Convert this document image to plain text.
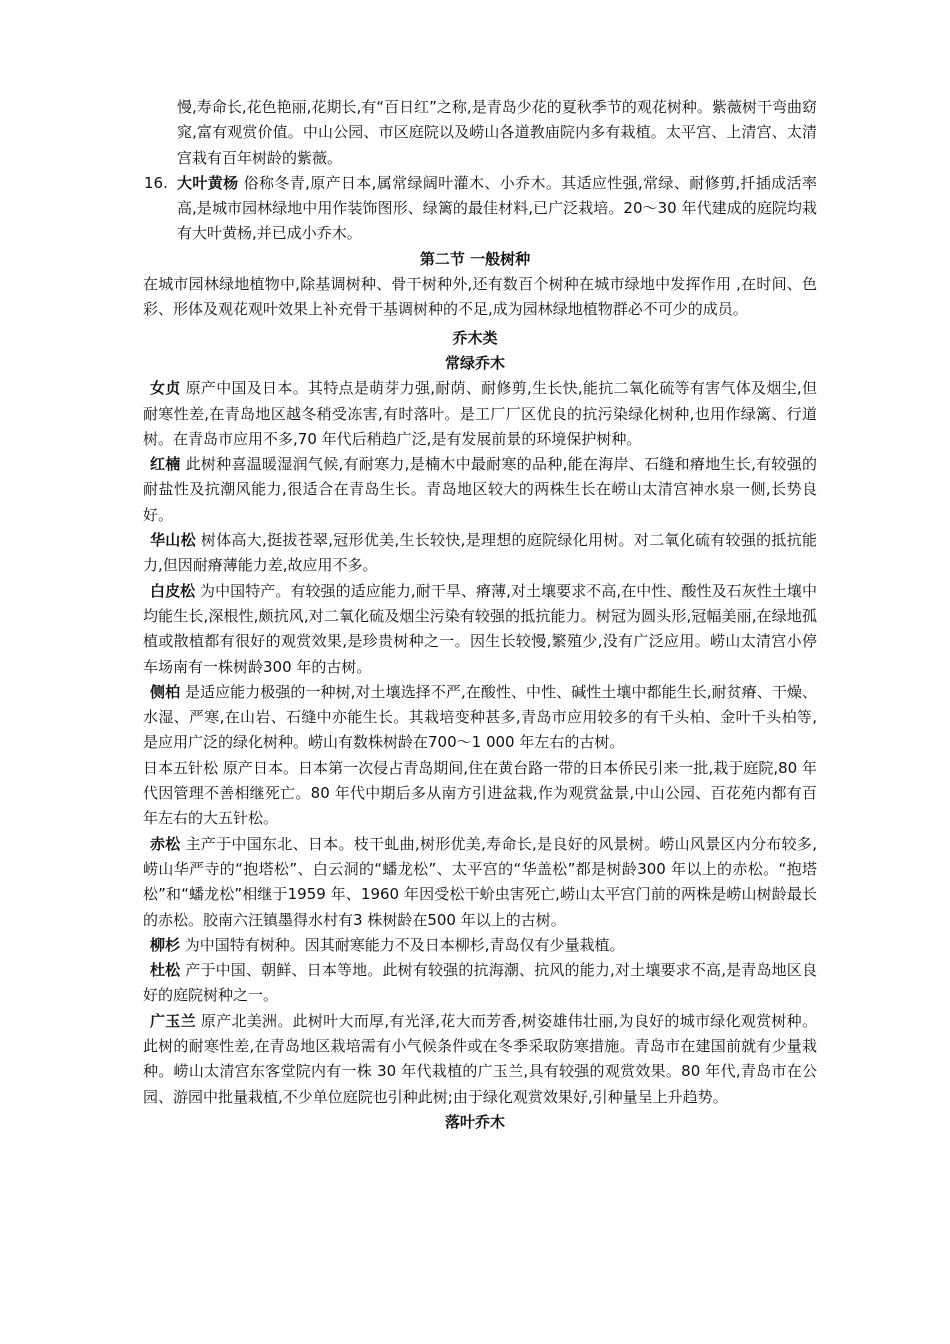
慢,寿命长,花色艳丽,花期长,有“百日红”之称,是青岛少花的夏秋季节的观花树种。紫薇树干弯曲窈窕,富有观赏价值。中山公园、市区庭院以及崂山各道教庙院内多有栽植。太平宫、上清宫、太清宫栽有百年树龄的紫薇。
16. 大叶黄杨 俗称冬青,原产日本,属常绿阔叶灌木、小乔木。其适应性强,常绿、耐修剪,扦插成活率高,是城市园林绿地中用作装饰图形、绿篱的最佳材料,已广泛栽培。20～30 年代建成的庭院均栽有大叶黄杨,并已成小乔木。
第二节 一般树种
在城市园林绿地植物中,除基调树种、骨干树种外,还有数百个树种在城市绿地中发挥作用 ,在时间、色彩、形体及观花观叶效果上补充骨干基调树种的不足,成为园林绿地植物群必不可少的成员。
乔木类
常绿乔木
女贞 原产中国及日本。其特点是萌芽力强,耐荫、耐修剪,生长快,能抗二氧化硫等有害气体及烟尘,但耐寒性差,在青岛地区越冬稍受冻害,有时落叶。是工厂厂区优良的抗污染绿化树种,也用作绿篱、行道树。在青岛市应用不多,70 年代后稍趋广泛,是有发展前景的环境保护树种。
红楠 此树种喜温暖湿润气候,有耐寒力,是楠木中最耐寒的品种,能在海岸、石缝和瘠地生长,有较强的耐盐性及抗潮风能力,很适合在青岛生长。青岛地区较大的两株生长在崂山太清宫神水泉一侧,长势良好。
华山松 树体高大,挺拔苍翠,冠形优美,生长较快,是理想的庭院绿化用树。对二氧化硫有较强的抵抗能力,但因耐瘠薄能力差,故应用不多。
白皮松 为中国特产。有较强的适应能力,耐干旱、瘠薄,对土壤要求不高,在中性、酸性及石灰性土壤中均能生长,深根性,颇抗风,对二氧化硫及烟尘污染有较强的抵抗能力。树冠为圆头形,冠幅美丽,在绿地孤植或散植都有很好的观赏效果,是珍贵树种之一。因生长较慢,繁殖少,没有广泛应用。崂山太清宫小停车场南有一株树龄300 年的古树。
侧柏 是适应能力极强的一种树,对土壤选择不严,在酸性、中性、碱性土壤中都能生长,耐贫瘠、干燥、水湿、严寒,在山岩、石缝中亦能生长。其栽培变种甚多,青岛市应用较多的有千头柏、金叶千头柏等,是应用广泛的绿化树种。崂山有数株树龄在700～1 000 年左右的古树。
日本五针松 原产日本。日本第一次侵占青岛期间,住在黄台路一带的日本侨民引来一批,栽于庭院,80 年代因管理不善相继死亡。80 年代中期后多从南方引进盆栽,作为观赏盆景,中山公园、百花苑内都有百年左右的大五针松。
赤松 主产于中国东北、日本。枝干虬曲,树形优美,寿命长,是良好的风景树。崂山风景区内分布较多,崂山华严寺的“抱塔松”、白云洞的“蟠龙松”、太平宫的“华盖松”都是树龄300 年以上的赤松。“抱塔松”和“蟠龙松”相继于1959 年、1960 年因受松干蚧虫害死亡,崂山太平宫门前的两株是崂山树龄最长的赤松。胶南六汪镇墨得水村有3 株树龄在500 年以上的古树。
柳杉 为中国特有树种。因其耐寒能力不及日本柳杉,青岛仅有少量栽植。
杜松 产于中国、朝鲜、日本等地。此树有较强的抗海潮、抗风的能力,对土壤要求不高,是青岛地区良好的庭院树种之一。
广玉兰 原产北美洲。此树叶大而厚,有光泽,花大而芳香,树姿雄伟壮丽,为良好的城市绿化观赏树种。此树的耐寒性差,在青岛地区栽培需有小气候条件或在冬季采取防寒措施。青岛市在建国前就有少量栽种。崂山太清宫东客堂院内有一株 30 年代栽植的广玉兰,具有较强的观赏效果。80 年代,青岛市在公园、游园中批量栽植,不少单位庭院也引种此树;由于绿化观赏效果好,引种量呈上升趋势。
落叶乔木
